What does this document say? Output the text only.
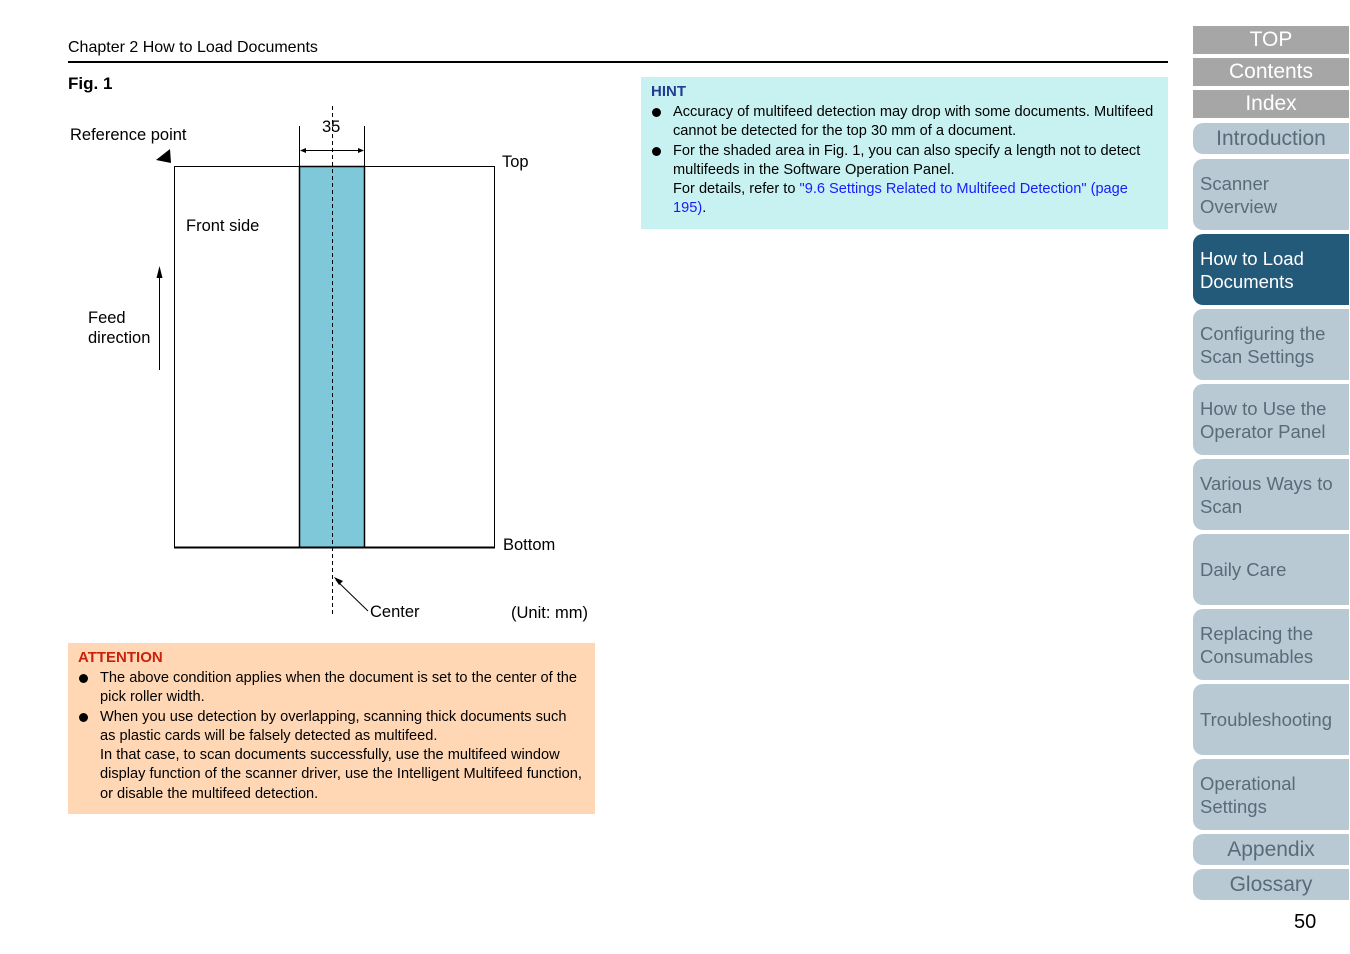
Chapter 2 How to Load Documents
Fig. 1
Reference point	35
Top
Front side
Feed
direction
Bottom
Center	(Unit: mm)
ATTENTION
The above condition applies when the document is set to the center of the pick roller width.
When you use detection by overlapping, scanning thick documents such as plastic cards will be falsely detected as multifeed.
In that case, to scan documents successfully, use the multifeed window display function of the scanner driver, use the Intelligent Multifeed function, or disable the multifeed detection.
HINT
Accuracy of multifeed detection may drop with some documents. Multifeed cannot be detected for the top 30 mm of a document.
For the shaded area in Fig. 1, you can also specify a length not to detect multifeeds in the Software Operation Panel.
For details, refer to "9.6 Settings Related to Multifeed Detection" (page 195).
TOP
Contents
Index
Introduction
Scanner Overview
How to Load Documents
Configuring the Scan Settings
How to Use the Operator Panel
Various Ways to Scan
Daily Care
Replacing the Consumables
Troubleshooting
Operational Settings
Appendix
Glossary
50
